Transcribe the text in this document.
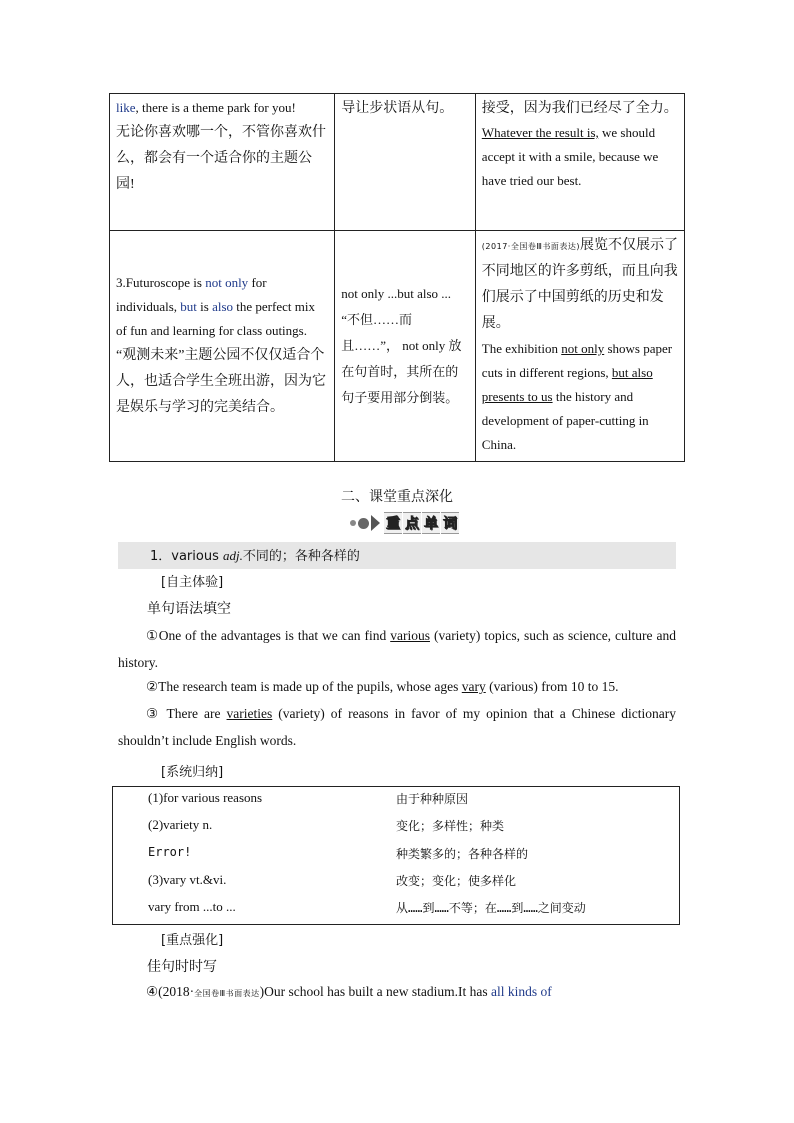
like, there is a theme park for you!
无论你喜欢哪一个，不管你喜欢什么，都会有一个适合你的主题公园!	导让步状语从句。	接受，因为我们已经尽了全力。
Whatever the result is, we should accept it with a smile, because we have tried our best.
3.Futuroscope is not only for individuals, but is also the perfect mix of fun and learning for class outings.
“观测未来”主题公园不仅仅适合个人，也适合学生全班出游，因为它是娱乐与学习的完美结合。	not only ...but also ... “不但……而且……”， not only 放在句首时，其所在的句子要用部分倒装。	(2017·全国卷Ⅲ书面表达)展览不仅展示了不同地区的许多剪纸，而且向我们展示了中国剪纸的历史和发展。
The exhibition not only shows paper cuts in different regions, but also presents to us the history and development of paper-cutting in China.
二、课堂重点深化
重 点 单 词
1．various adj.不同的；各种各样的
[自主体验]
单句语法填空
①One of the advantages is that we can find various (variety) topics, such as science, culture and history.
②The research team is made up of the pupils, whose ages vary (various) from 10 to 15.
③ There are varieties (variety) of reasons in favor of my opinion that a Chinese dictionary shouldn’t include English words.
[系统归纳]
(1)for various reasons	由于种种原因
(2)variety n.	变化；多样性；种类
Error!	种类繁多的；各种各样的
(3)vary vt.&vi.	改变；变化；使多样化
vary from ...to ...	从……到……不等；在……到……之间变动
[重点强化]
佳句时时写
④(2018·全国卷Ⅲ书面表达)Our school has built a new stadium.It has all kinds of
